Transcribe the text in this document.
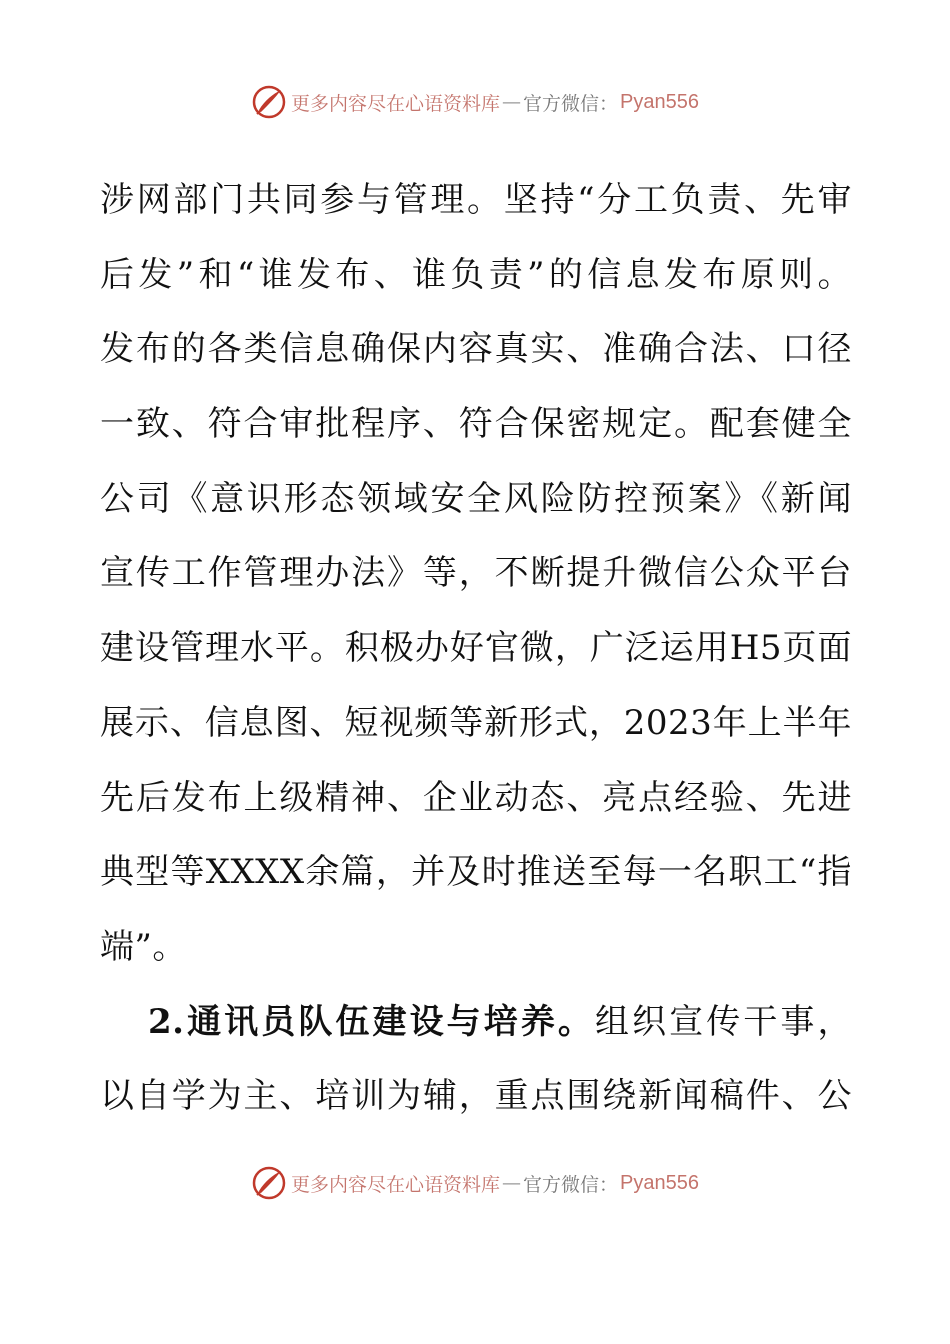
更多内容尽在心语资料库 — 官方微信： Pyan556
涉网部门共同参与管理。坚持“分工负责、先审
后发”和“谁发布、谁负责”的信息发布原则。
发布的各类信息确保内容真实、准确合法、口径
一致、符合审批程序、符合保密规定。配套健全
公司《意识形态领域安全风险防控预案》《新闻
宣传工作管理办法》等，不断提升微信公众平台
建设管理水平。积极办好官微，广泛运用H5页面
展示、信息图、短视频等新形式，2023年上半年
先后发布上级精神、企业动态、亮点经验、先进
典型等XXXX余篇，并及时推送至每一名职工“指
端”。
2.通讯员队伍建设与培养。组织宣传干事，
以自学为主、培训为辅，重点围绕新闻稿件、公
更多内容尽在心语资料库 — 官方微信： Pyan556
